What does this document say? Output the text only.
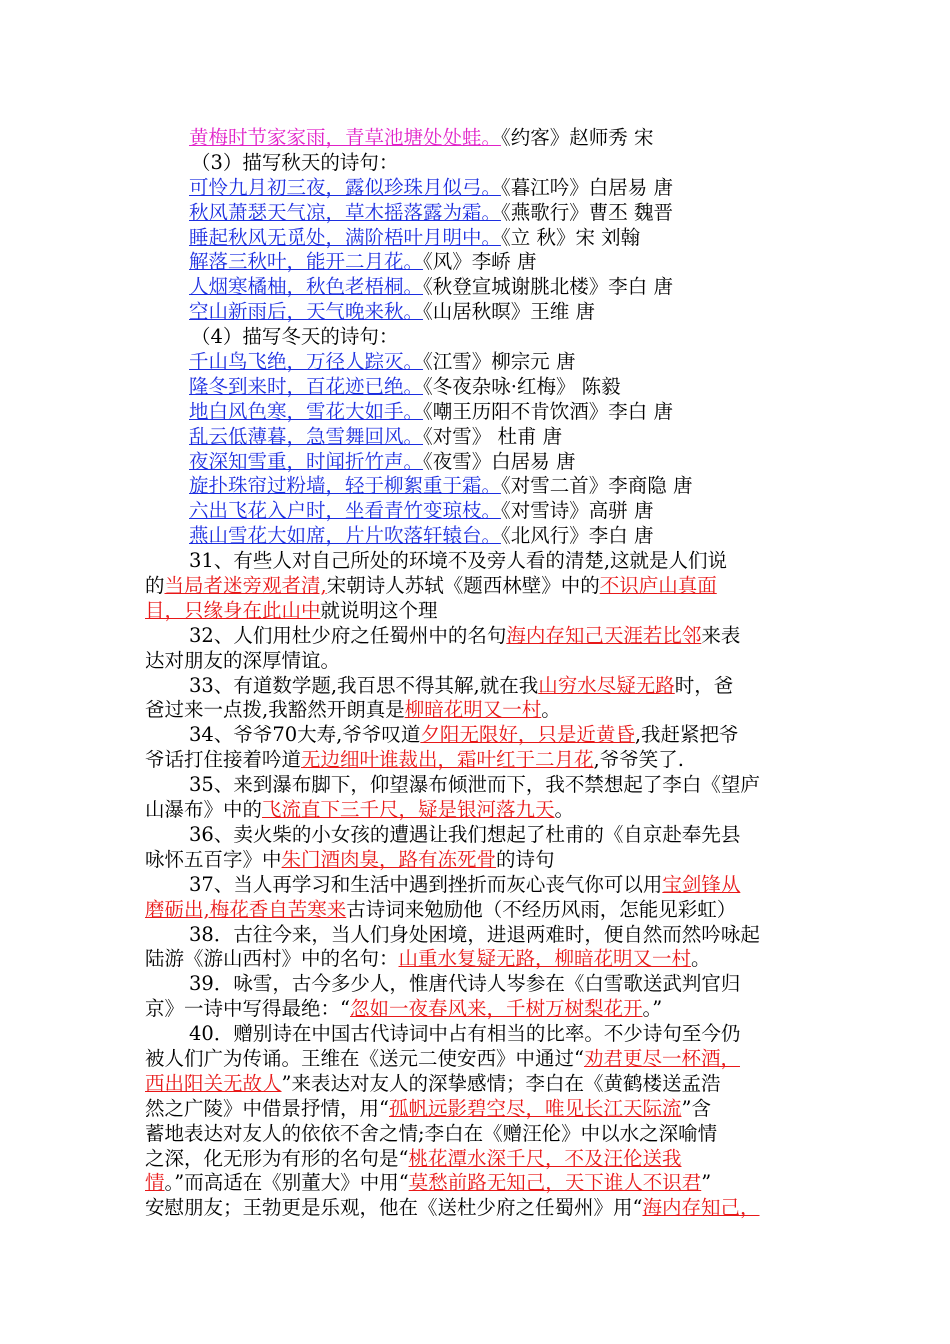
黄梅时节家家雨，青草池塘处处蛙。《约客》赵师秀 宋
（3）描写秋天的诗句：
可怜九月初三夜，露似珍珠月似弓。《暮江吟》白居易 唐
秋风萧瑟天气凉，草木摇落露为霜。《燕歌行》曹丕 魏晋
睡起秋风无觅处，满阶梧叶月明中。《立 秋》宋 刘翰
解落三秋叶，能开二月花。《风》李峤 唐
人烟寒橘柚，秋色老梧桐。《秋登宣城谢朓北楼》李白 唐
空山新雨后，天气晚来秋。《山居秋暝》王维 唐
（4）描写冬天的诗句：
千山鸟飞绝，万径人踪灭。《江雪》柳宗元 唐
隆冬到来时，百花迹已绝。《冬夜杂咏·红梅》 陈毅
地白风色寒，雪花大如手。《嘲王历阳不肯饮酒》李白 唐
乱云低薄暮，急雪舞回风。《对雪》 杜甫 唐
夜深知雪重，时闻折竹声。《夜雪》白居易 唐
旋扑珠帘过粉墙，轻于柳絮重于霜。《对雪二首》李商隐 唐
六出飞花入户时，坐看青竹变琼枝。《对雪诗》高骈 唐
燕山雪花大如席，片片吹落轩辕台。《北风行》李白 唐
31、有些人对自己所处的环境不及旁人看的清楚,这就是人们说
的当局者迷旁观者清,宋朝诗人苏轼《题西林壁》中的不识庐山真面
目，只缘身在此山中就说明这个理
32、人们用杜少府之任蜀州中的名句海内存知己天涯若比邻来表
达对朋友的深厚情谊。
33、有道数学题,我百思不得其解,就在我山穷水尽疑无路时，爸
爸过来一点拨,我豁然开朗真是柳暗花明又一村。
34、爷爷70大寿,爷爷叹道夕阳无限好，只是近黄昏,我赶紧把爷
爷话打住接着吟道无边细叶谁裁出，霜叶红于二月花,爷爷笑了.
35、来到瀑布脚下，仰望瀑布倾泄而下，我不禁想起了李白《望庐
山瀑布》中的飞流直下三千尺，疑是银河落九天。
36、卖火柴的小女孩的遭遇让我们想起了杜甫的《自京赴奉先县
咏怀五百字》中朱门酒肉臭，路有冻死骨的诗句
37、当人再学习和生活中遇到挫折而灰心丧气你可以用宝剑锋从
磨砺出,梅花香自苦寒来古诗词来勉励他（不经历风雨，怎能见彩虹）
38．古往今来，当人们身处困境，进退两难时，便自然而然吟咏起
陆游《游山西村》中的名句：山重水复疑无路，柳暗花明又一村。
39．咏雪，古今多少人，惟唐代诗人岑参在《白雪歌送武判官归
京》一诗中写得最绝：“忽如一夜春风来，千树万树梨花开。”
40．赠别诗在中国古代诗词中占有相当的比率。不少诗句至今仍
被人们广为传诵。王维在《送元二使安西》中通过“劝君更尽一杯酒，
西出阳关无故人”来表达对友人的深挚感情；李白在《黄鹤楼送孟浩
然之广陵》中借景抒情，用“孤帆远影碧空尽，唯见长江天际流”含
蓄地表达对友人的依依不舍之情;李白在《赠汪伦》中以水之深喻情
之深，化无形为有形的名句是“桃花潭水深千尺，不及汪伦送我
情。”而高适在《别董大》中用“莫愁前路无知己，天下谁人不识君”
安慰朋友；王勃更是乐观，他在《送杜少府之任蜀州》用“海内存知己，
